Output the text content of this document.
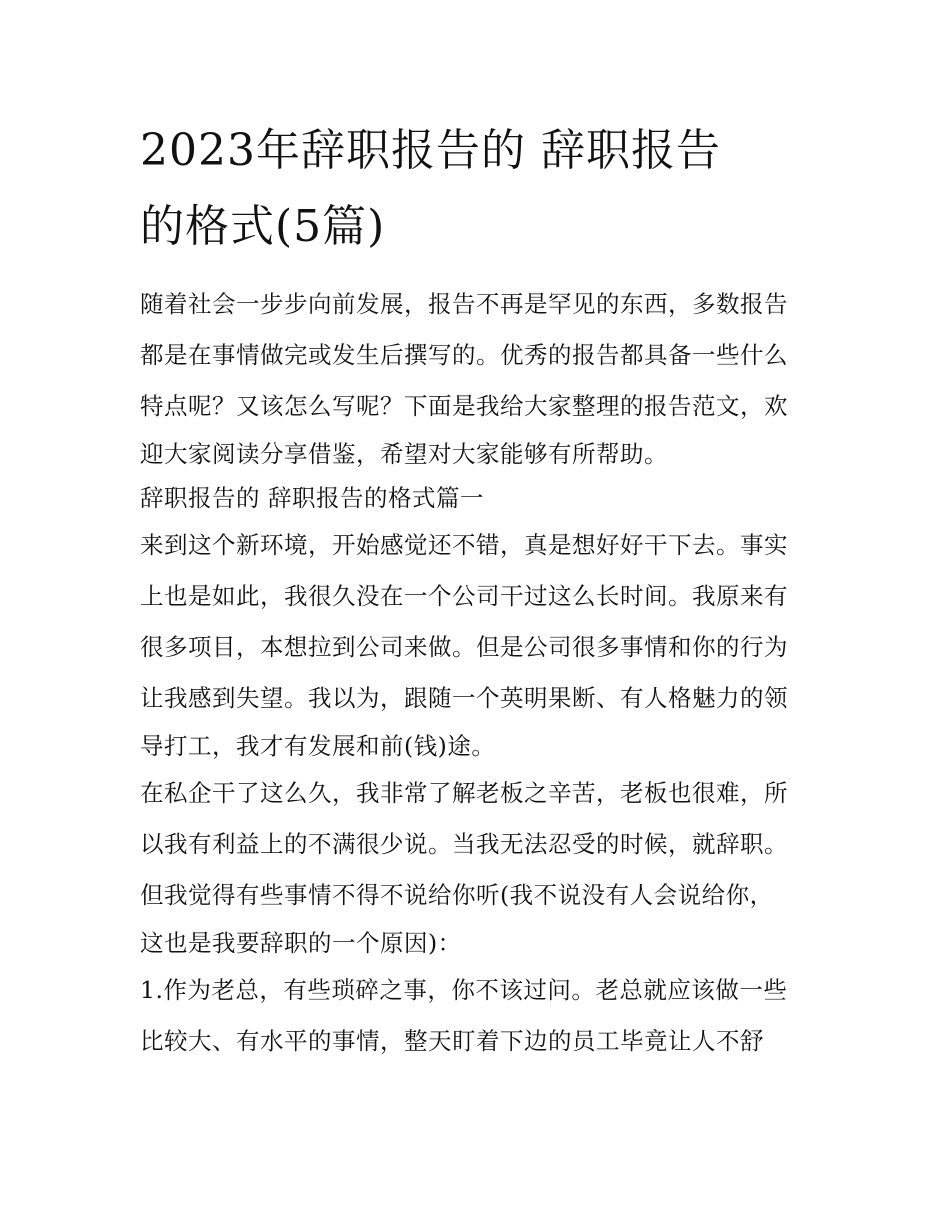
2023年辞职报告的 辞职报告
的格式(5篇)
随着社会一步步向前发展，报告不再是罕见的东西，多数报告
都是在事情做完或发生后撰写的。优秀的报告都具备一些什么
特点呢？又该怎么写呢？下面是我给大家整理的报告范文，欢
迎大家阅读分享借鉴，希望对大家能够有所帮助。
辞职报告的 辞职报告的格式篇一
来到这个新环境，开始感觉还不错，真是想好好干下去。事实
上也是如此，我很久没在一个公司干过这么长时间。我原来有
很多项目，本想拉到公司来做。但是公司很多事情和你的行为
让我感到失望。我以为，跟随一个英明果断、有人格魅力的领
导打工，我才有发展和前(钱)途。
在私企干了这么久，我非常了解老板之辛苦，老板也很难，所
以我有利益上的不满很少说。当我无法忍受的时候，就辞职。
但我觉得有些事情不得不说给你听(我不说没有人会说给你，
这也是我要辞职的一个原因)：
1.作为老总，有些琐碎之事，你不该过问。老总就应该做一些
比较大、有水平的事情，整天盯着下边的员工毕竟让人不舒
